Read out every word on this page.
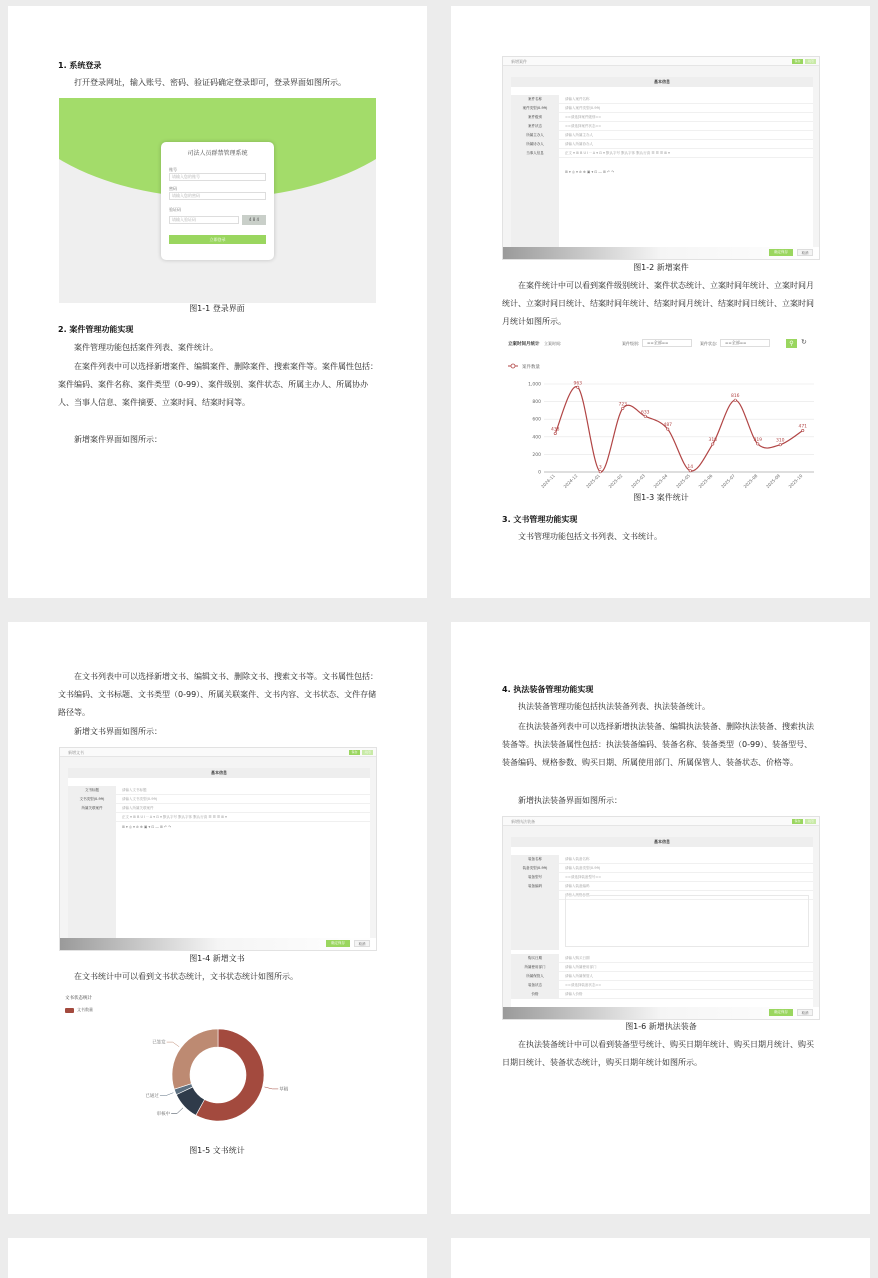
1. 系统登录
打开登录网址，输入账号、密码、验证码确定登录即可，登录界面如图所示。
司法人员群禁管理系统
账号
请输入您的账号
密码
请输入您的密码
验证码
请输入验证码	4 8 4
立即登录
图1-1 登录界面
2. 案件管理功能实现
案件管理功能包括案件列表、案件统计。
在案件列表中可以选择新增案件、编辑案件、删除案件、搜索案件等。案件属性包括：案件编码、案件名称、案件类型（0-99）、案件级别、案件状态、所属主办人、所属协办人、当事人信息、案件摘要、立案时间、结案时间等。
新增案件界面如图所示：
新增案件	保存	关闭
基本信息
案件名称	请输入案件名称
案件类型(0-99)	请输入案件类型(0-99)
案件级别	==请选择案件级别==
案件状态	==请选择案件状态==
所属主办人	请输入所属主办人
所属协办人	请输入所属协办人
当事人信息	正文 ▾ ⊞ B U I ·· A ▾ ⊡ ▾ 默认字号 默认字体 默认行高 ☰ ☰ ☰ ⊞ ▾
⊞ ▾ ◎ ▾ ⊘ ⊕ ▣ ▾ ⊡ ― ⊞ ↶ ↷
确定保存	取消
图1-2 新增案件
在案件统计中可以看到案件级别统计、案件状态统计、立案时间年统计、立案时间月统计、立案时间日统计、结案时间年统计、结案时间月统计、结案时间日统计、立案时间月统计如图所示。
立案时间月统计 立案时间:	案件级别:	==全部==	案件状态:	==全部==	⚲	↻
案件数量
1,000
800
600
400
200
0
2024-11 2024-12 2025-01 2025-02 2025-03 2025-04 2025-05 2025-06 2025-07 2025-08 2025-09 2025-10
438
963
3
723
633
487
14
318
816
319	310
471
图1-3 案件统计
3. 文书管理功能实现
文书管理功能包括文书列表、文书统计。
在文书列表中可以选择新增文书、编辑文书、删除文书、搜索文书等。文书属性包括：文书编码、文书标题、文书类型（0-99）、所属关联案件、文书内容、文书状态、文件存储路径等。
新增文书界面如图所示：
新增文书	保存	关闭
基本信息
文书标题	请输入文书标题
文书类型(0-99)	请输入文书类型(0-99)
所属关联案件	请输入所属关联案件
正文 ▾ ⊞ B U I ·· A ▾ ⊡ ▾ 默认字号 默认字体 默认行高 ☰ ☰ ☰ ⊞ ▾
⊞ ▾ ◎ ▾ ⊘ ⊕ ▣ ▾ ⊡ ― ⊞ ↶ ↷
确定保存	取消
图1-4 新增文书
在文书统计中可以看到文书状态统计，文书状态统计如图所示。
文书状态统计
文书数量
草稿
审核中
已通过
已签发
图1-5 文书统计
4. 执法装备管理功能实现
执法装备管理功能包括执法装备列表、执法装备统计。
在执法装备列表中可以选择新增执法装备、编辑执法装备、删除执法装备、搜索执法装备等。执法装备属性包括：执法装备编码、装备名称、装备类型（0-99）、装备型号、装备编码、规格参数、购买日期、所属使用部门、所属保管人、装备状态、价格等。
新增执法装备界面如图所示：
新增执法装备	保存	关闭
基本信息
装备名称	请输入装备名称
装备类型(0-99)	请输入装备类型(0-99)
装备型号	==请选择装备型号==
装备编码	请输入装备编码
请输入规格参数
购买日期	请输入购买日期
所属使用部门	请输入所属使用部门
所属保管人	请输入所属保管人
装备状态	==请选择装备状态==
价格	请输入价格
确定保存	取消
图1-6 新增执法装备
在执法装备统计中可以看到装备型号统计、购买日期年统计、购买日期月统计、购买日期日统计、装备状态统计，购买日期年统计如图所示。
